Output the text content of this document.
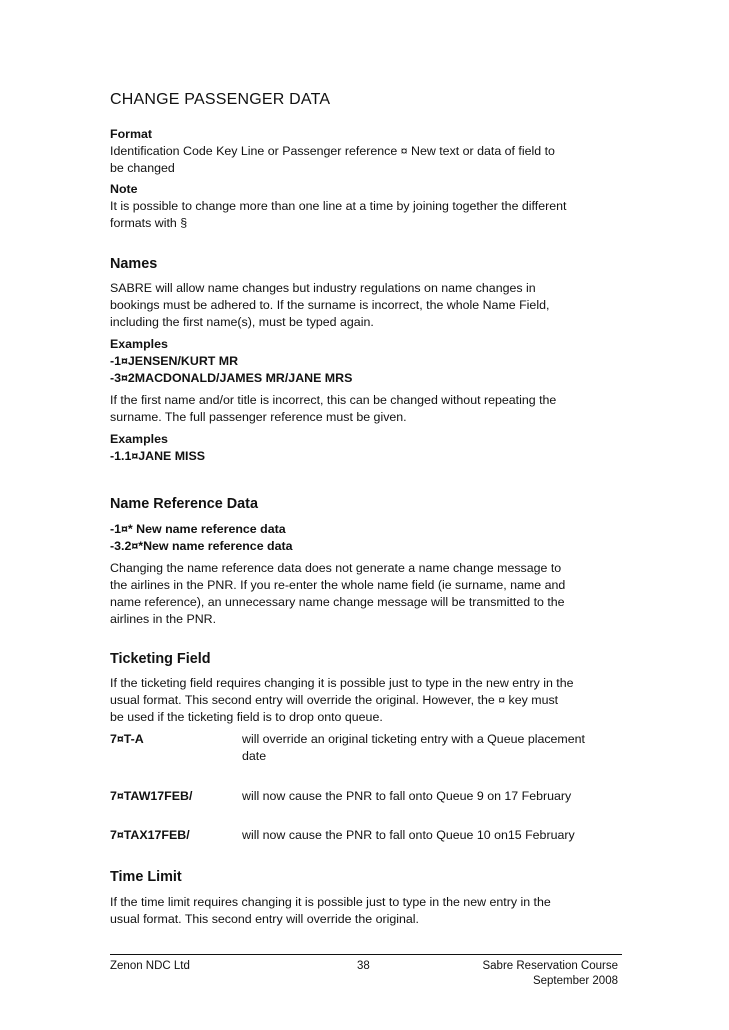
CHANGE PASSENGER DATA
Format
Identification Code Key Line or Passenger reference ¤ New text or data of field to
be changed
Note
It is possible to change more than one line at a time by joining together the different
formats with §
Names
SABRE will allow name changes but industry regulations on name changes in
bookings must be adhered to. If the surname is incorrect, the whole Name Field,
including the first name(s), must be typed again.
Examples
-1¤JENSEN/KURT MR
-3¤2MACDONALD/JAMES MR/JANE MRS
If the first name and/or title is incorrect, this can be changed without repeating the
surname. The full passenger reference must be given.
Examples
-1.1¤JANE MISS
Name Reference Data
-1¤* New name reference data
-3.2¤*New name reference data
Changing the name reference data does not generate a name change message to
the airlines in the PNR. If you re-enter the whole name field (ie surname, name and
name reference), an unnecessary name change message will be transmitted to the
airlines in the PNR.
Ticketing Field
If the ticketing field requires changing it is possible just to type in the new entry in the
usual format. This second entry will override the original. However, the ¤ key must
be used if the ticketing field is to drop onto queue.
7¤T-A	will override an original ticketing entry with a Queue placement
date
7¤TAW17FEB/	will now cause the PNR to fall onto Queue 9 on 17 February
7¤TAX17FEB/	will now cause the PNR to fall onto Queue 10 on15 February
Time Limit
If the time limit requires changing it is possible just to type in the new entry in the
usual format. This second entry will override the original.
Zenon NDC Ltd	38	Sabre Reservation Course
September 2008
